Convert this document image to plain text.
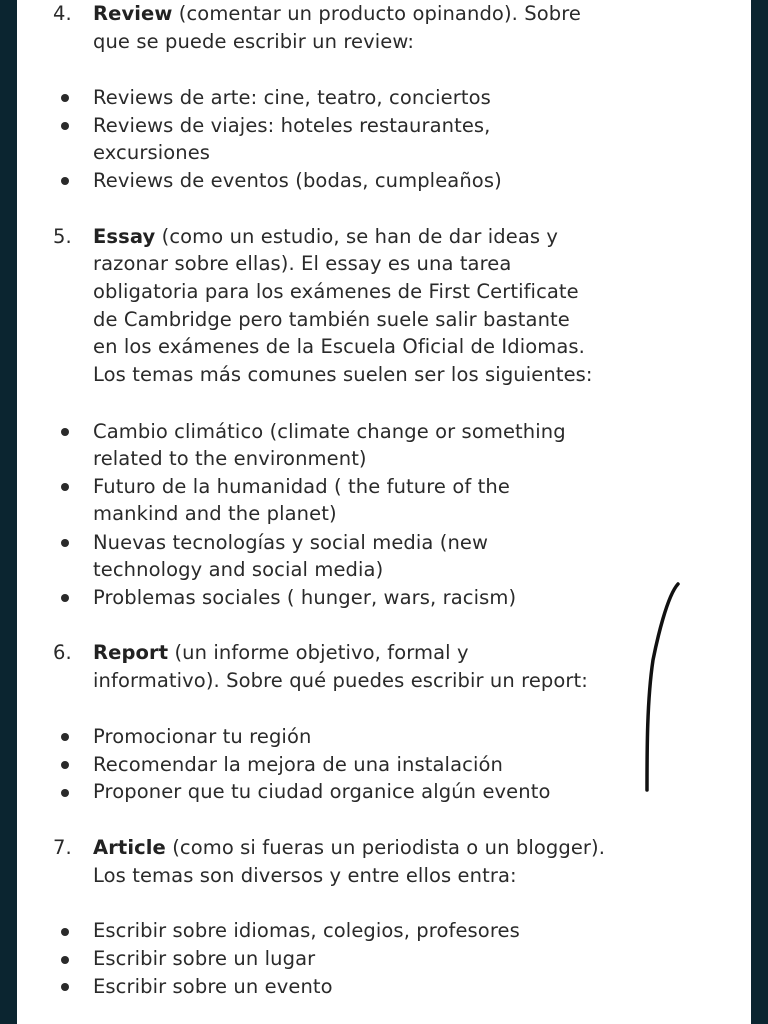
4. Review (comentar un producto opinando). Sobre
que se puede escribir un review:
Reviews de arte: cine, teatro, conciertos
Reviews de viajes: hoteles restaurantes,
excursiones
Reviews de eventos (bodas, cumpleaños)
5. Essay (como un estudio, se han de dar ideas y
razonar sobre ellas). El essay es una tarea
obligatoria para los exámenes de First Certificate
de Cambridge pero también suele salir bastante
en los exámenes de la Escuela Oficial de Idiomas.
Los temas más comunes suelen ser los siguientes:
Cambio climático (climate change or something
related to the environment)
Futuro de la humanidad ( the future of the
mankind and the planet)
Nuevas tecnologías y social media (new
technology and social media)
Problemas sociales ( hunger, wars, racism)
6. Report (un informe objetivo, formal y
informativo). Sobre qué puedes escribir un report:
Promocionar tu región
Recomendar la mejora de una instalación
Proponer que tu ciudad organice algún evento
7. Article (como si fueras un periodista o un blogger).
Los temas son diversos y entre ellos entra:
Escribir sobre idiomas, colegios, profesores
Escribir sobre un lugar
Escribir sobre un evento
